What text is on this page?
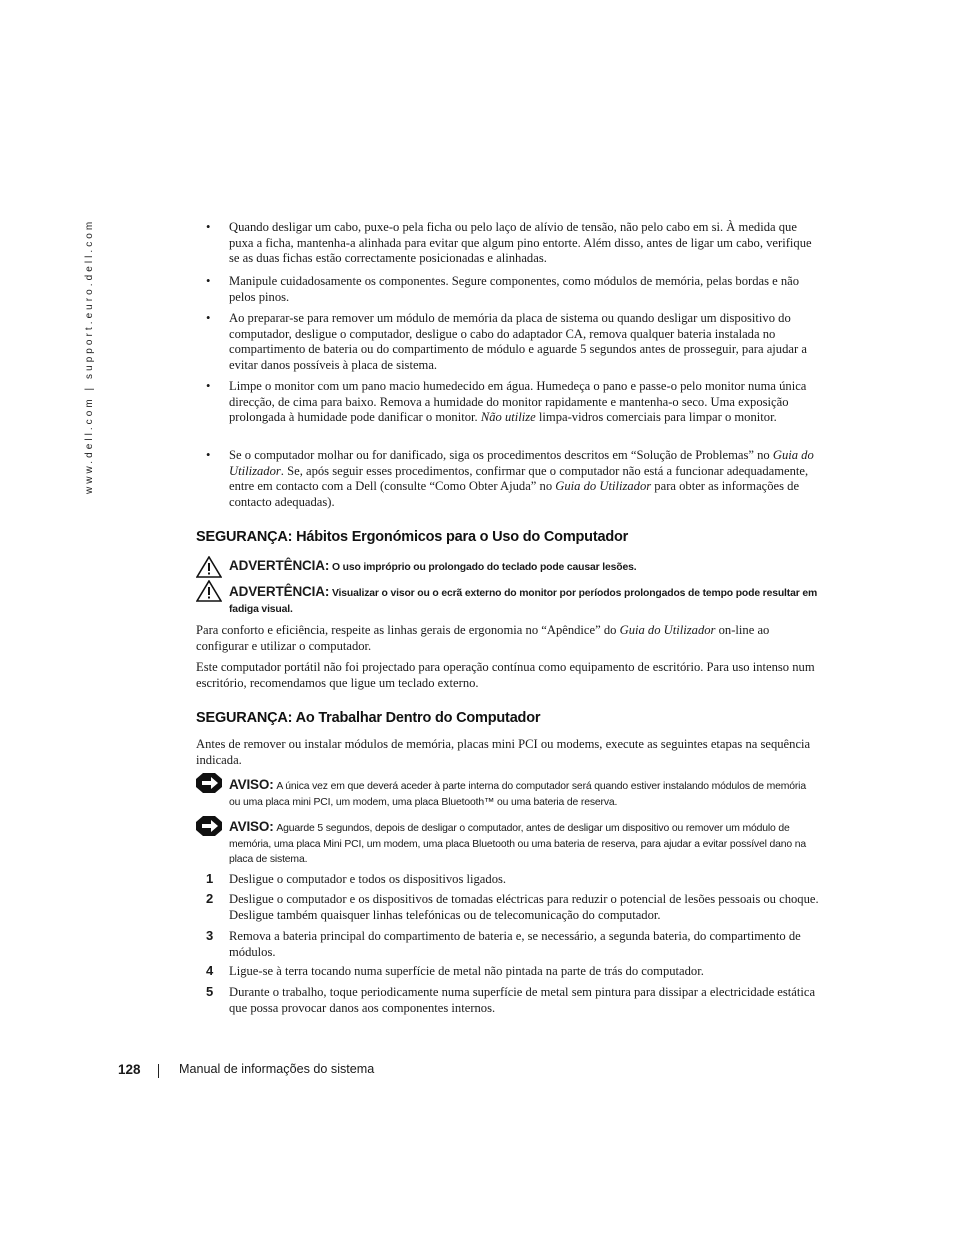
www.dell.com | support.euro.dell.com	• Quando desligar um cabo, puxe-o pela ficha ou pelo laço de alívio de tensão, não pelo cabo em si. À medida que puxa a ficha, mantenha-a alinhada para evitar que algum pino entorte. Além disso, antes de ligar um cabo, verifique se as duas fichas estão correctamente posicionadas e alinhadas.

• Manipule cuidadosamente os componentes. Segure componentes, como módulos de memória, pelas bordas e não pelos pinos.

• Ao preparar-se para remover um módulo de memória da placa de sistema ou quando desligar um dispositivo do computador, desligue o computador, desligue o cabo do adaptador CA, remova qualquer bateria instalada no compartimento de bateria ou do compartimento de módulo e aguarde 5 segundos antes de prosseguir, para ajudar a evitar danos possíveis à placa de sistema.

• Limpe o monitor com um pano macio humedecido em água. Humedeça o pano e passe-o pelo monitor numa única direcção, de cima para baixo. Remova a humidade do monitor rapidamente e mantenha-o seco. Uma exposição prolongada à humidade pode danificar o monitor. Não utilize limpa-vidros comerciais para limpar o monitor.

• Se o computador molhar ou for danificado, siga os procedimentos descritos em “Solução de Problemas” no Guia do Utilizador. Se, após seguir esses procedimentos, confirmar que o computador não está a funcionar adequadamente, entre em contacto com a Dell (consulte “Como Obter Ajuda” no Guia do Utilizador para obter as informações de contacto adequadas).

SEGURANÇA: Hábitos Ergonómicos para o Uso do Computador
ADVERTÊNCIA: O uso impróprio ou prolongado do teclado pode causar lesões.
ADVERTÊNCIA: Visualizar o visor ou o ecrã externo do monitor por períodos prolongados de tempo pode resultar em fadiga visual.

Para conforto e eficiência, respeite as linhas gerais de ergonomia no “Apêndice” do Guia do Utilizador on-line ao configurar e utilizar o computador.

Este computador portátil não foi projectado para operação contínua como equipamento de escritório. Para uso intenso num escritório, recomendamos que ligue um teclado externo.

SEGURANÇA: Ao Trabalhar Dentro do Computador

Antes de remover ou instalar módulos de memória, placas mini PCI ou modems, execute as seguintes etapas na sequência indicada.

AVISO: A única vez em que deverá aceder à parte interna do computador será quando estiver instalando módulos de memória ou uma placa mini PCI, um modem, uma placa Bluetooth™ ou uma bateria de reserva.
AVISO: Aguarde 5 segundos, depois de desligar o computador, antes de desligar um dispositivo ou remover um módulo de memória, uma placa Mini PCI, um modem, uma placa Bluetooth ou uma bateria de reserva, para ajudar a evitar possível dano na placa de sistema.
1 Desligue o computador e todos os dispositivos ligados.
2 Desligue o computador e os dispositivos de tomadas eléctricas para reduzir o potencial de lesões pessoais ou choque. Desligue também quaisquer linhas telefónicas ou de telecomunicação do computador.
3 Remova a bateria principal do compartimento de bateria e, se necessário, a segunda bateria, do compartimento de módulos.
4 Ligue-se à terra tocando numa superfície de metal não pintada na parte de trás do computador.
5 Durante o trabalho, toque periodicamente numa superfície de metal sem pintura para dissipar a electricidade estática que possa provocar danos aos componentes internos.
128	Manual de informações do sistema
